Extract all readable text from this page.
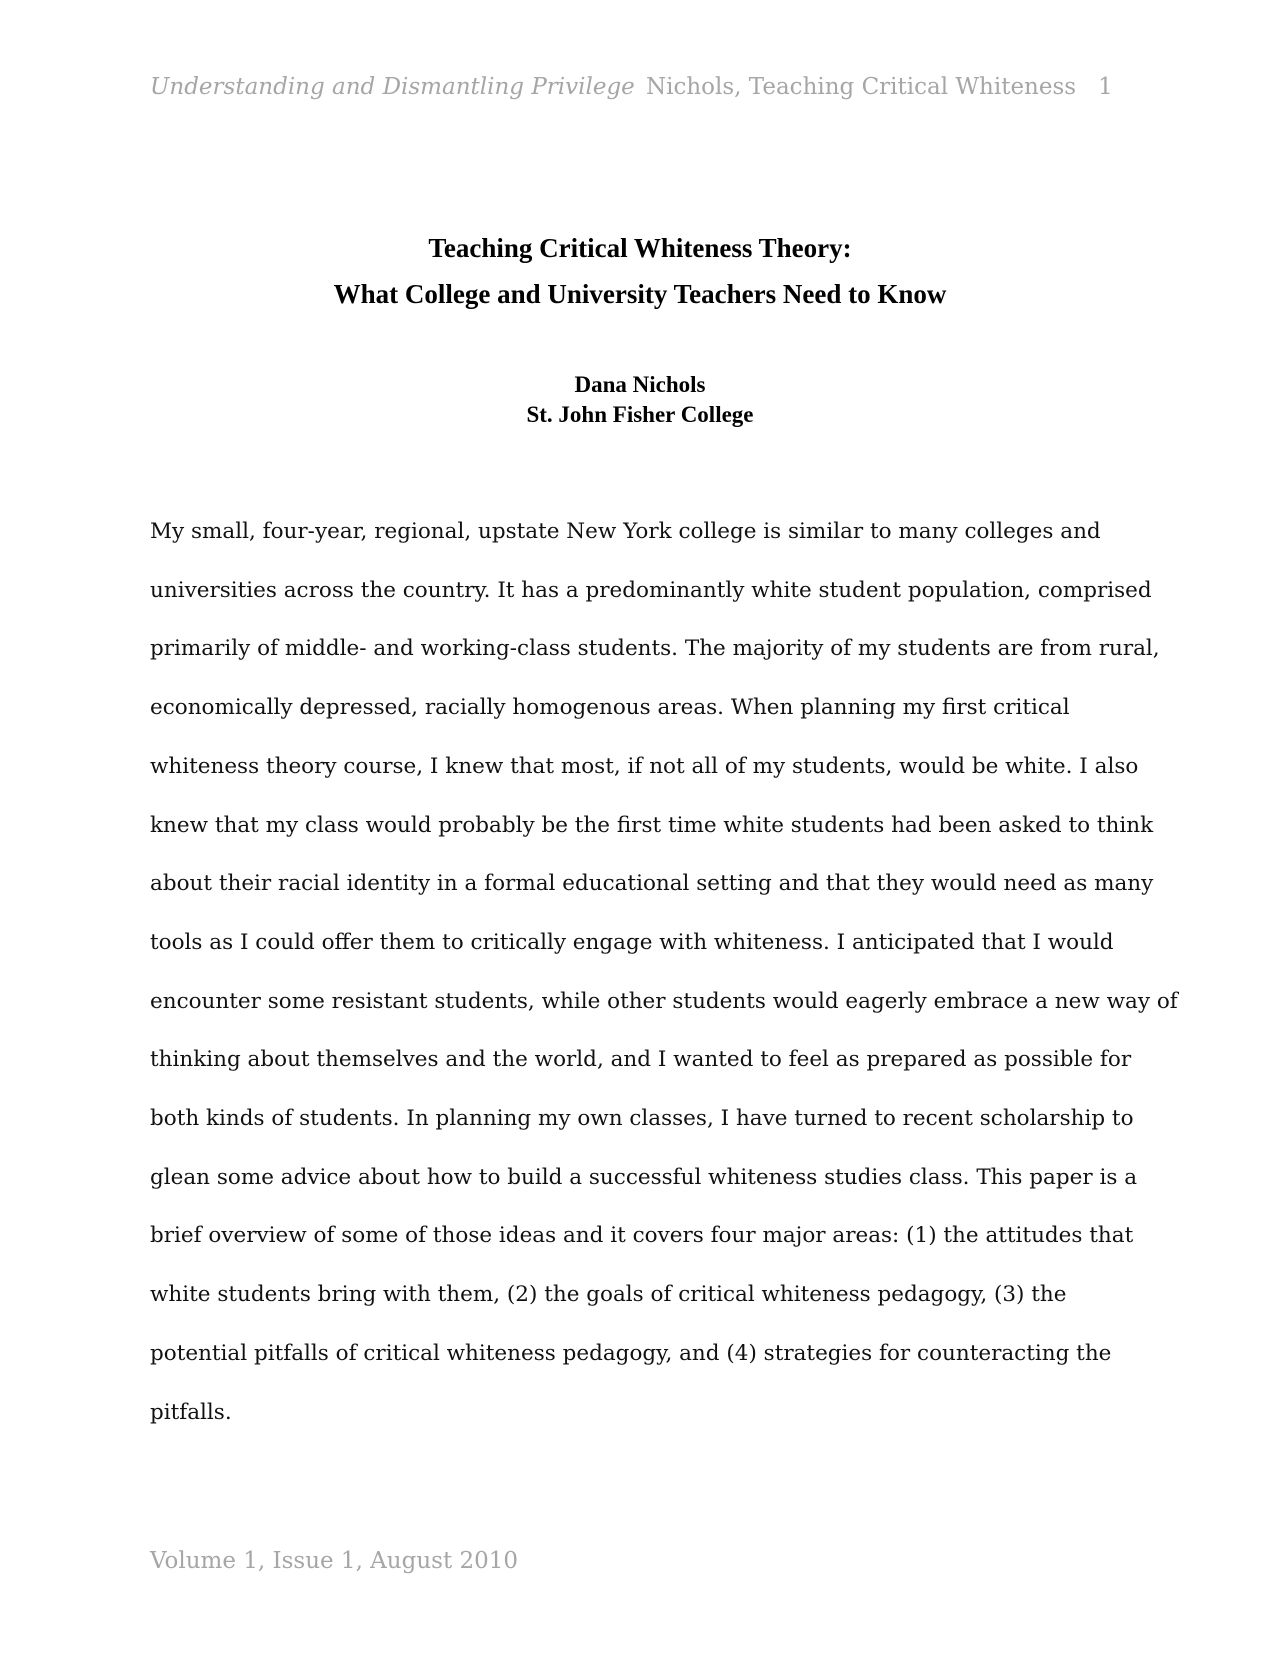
Understanding and Dismantling Privilege Nichols, Teaching Critical Whiteness 1
Teaching Critical Whiteness Theory:
What College and University Teachers Need to Know
Dana Nichols
St. John Fisher College
My small, four-year, regional, upstate New York college is similar to many colleges and
universities across the country. It has a predominantly white student population, comprised
primarily of middle- and working-class students. The majority of my students are from rural,
economically depressed, racially homogenous areas. When planning my first critical
whiteness theory course, I knew that most, if not all of my students, would be white. I also
knew that my class would probably be the first time white students had been asked to think
about their racial identity in a formal educational setting and that they would need as many
tools as I could offer them to critically engage with whiteness. I anticipated that I would
encounter some resistant students, while other students would eagerly embrace a new way of
thinking about themselves and the world, and I wanted to feel as prepared as possible for
both kinds of students. In planning my own classes, I have turned to recent scholarship to
glean some advice about how to build a successful whiteness studies class. This paper is a
brief overview of some of those ideas and it covers four major areas: (1) the attitudes that
white students bring with them, (2) the goals of critical whiteness pedagogy, (3) the
potential pitfalls of critical whiteness pedagogy, and (4) strategies for counteracting the
pitfalls.
Volume 1, Issue 1, August 2010
